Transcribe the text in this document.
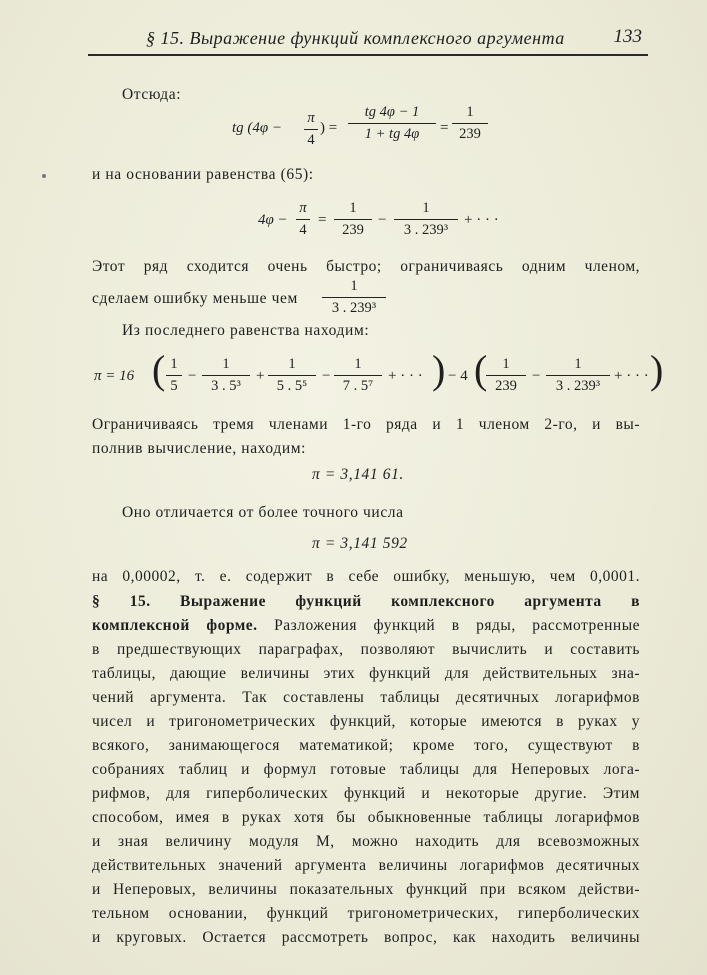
§ 15. Выражение функций комплексного аргумента	133
Отсюда:
tg (4φ −
π
4
) =
tg 4φ − 1
1 + tg 4φ	=
1
239
и на основании равенства (65):
4φ −
π
4
=
1
239
−
1
3 . 239³
+ · · ·
Этот ряд сходится очень быстро; ограничиваясь одним членом,
сделаем ошибку меньше чем
1
3 . 239³
Из последнего равенства находим:
π = 16 ( 1
5
−
1
3 . 5³
+
1
5 . 5⁵
−
1
7 . 5⁷
+ · · · ) − 4 (	1
239
−
1
3 . 239³
+ · · · )
Ограничиваясь тремя членами 1-го ряда и 1 членом 2-го, и вы-
полнив вычисление, находим:
π = 3,141 61.
Оно отличается от более точного числа
π = 3,141 592
на 0,00002, т. е. содержит в себе ошибку, меньшую, чем 0,0001.
§ 15. Выражение функций комплексного аргумента в
комплексной форме. Разложения функций в ряды, рассмотренные
в предшествующих параграфах, позволяют вычислить и составить
таблицы, дающие величины этих функций для действительных зна-
чений аргумента. Так составлены таблицы десятичных логарифмов
чисел и тригонометрических функций, которые имеются в руках у
всякого, занимающегося математикой; кроме того, существуют в
собраниях таблиц и формул готовые таблицы для Неперовых лога-
рифмов, для гиперболических функций и некоторые другие. Этим
способом, имея в руках хотя бы обыкновенные таблицы логарифмов
и зная величину модуля M, можно находить для всевозможных
действительных значений аргумента величины логарифмов десятичных
и Неперовых, величины показательных функций при всяком действи-
тельном основании, функций тригонометрических, гиперболических
и круговых. Остается рассмотреть вопрос, как находить величины
